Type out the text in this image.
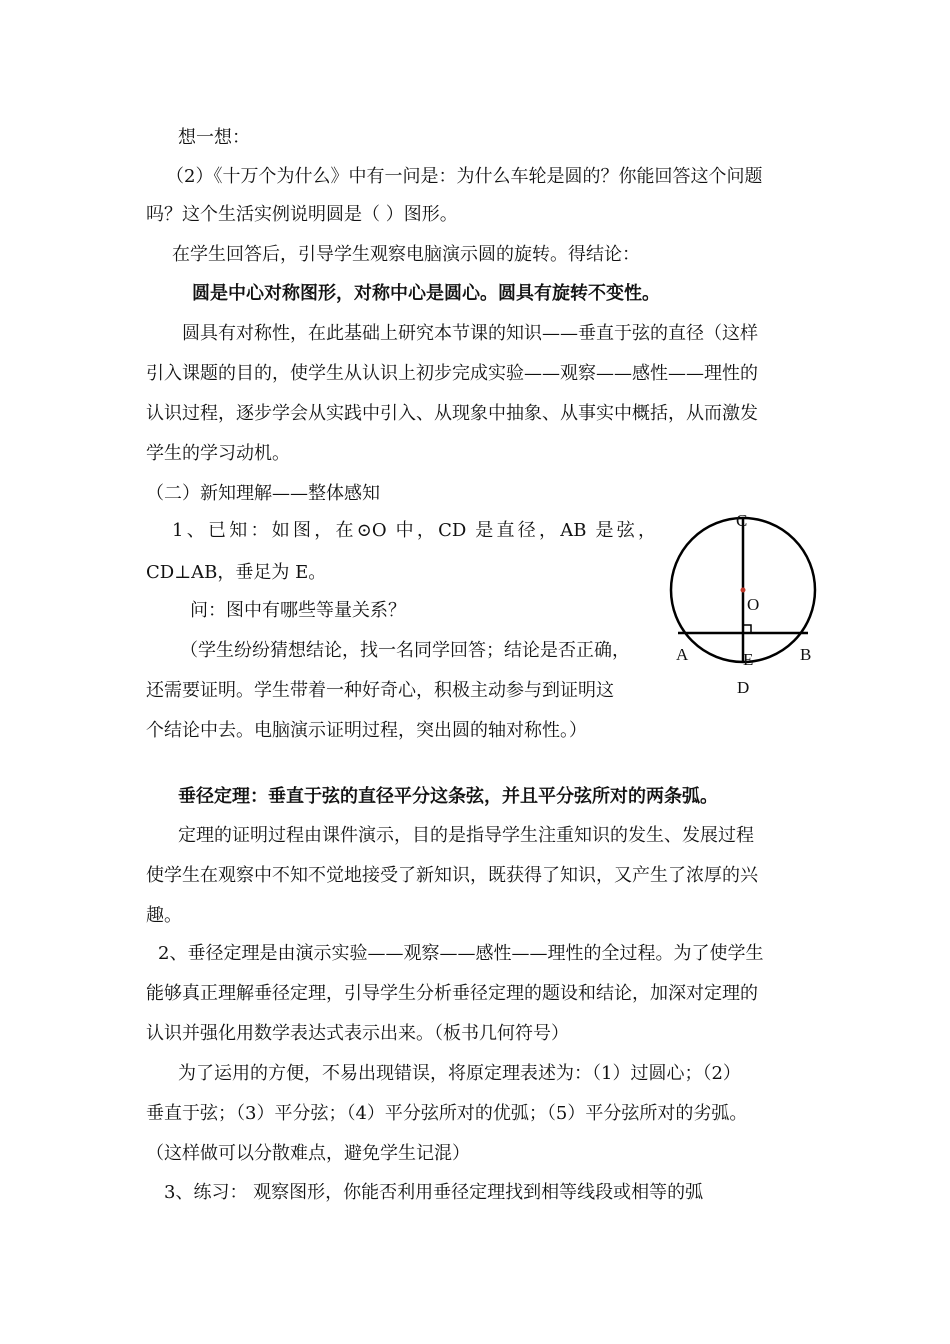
想一想：
（2）《十万个为什么》中有一问是：为什么车轮是圆的？你能回答这个问题
吗？这个生活实例说明圆是（ ）图形。
在学生回答后，引导学生观察电脑演示圆的旋转。得结论：
圆是中心对称图形，对称中心是圆心。圆具有旋转不变性。
圆具有对称性，在此基础上研究本节课的知识——垂直于弦的直径（这样
引入课题的目的，使学生从认识上初步完成实验——观察——感性——理性的
认识过程，逐步学会从实践中引入、从现象中抽象、从事实中概括，从而激发
学生的学习动机。
（二）新知理解——整体感知
1、已知：如图，在⊙O 中，CD 是直径，AB 是弦，
CD⊥AB，垂足为 E。
问：图中有哪些等量关系？
（学生纷纷猜想结论，找一名同学回答；结论是否正确，
还需要证明。学生带着一种好奇心，积极主动参与到证明这
个结论中去。电脑演示证明过程，突出圆的轴对称性。）
C
O
A	E	B
D
垂径定理：垂直于弦的直径平分这条弦，并且平分弦所对的两条弧。
定理的证明过程由课件演示，目的是指导学生注重知识的发生、发展过程
使学生在观察中不知不觉地接受了新知识，既获得了知识，又产生了浓厚的兴
趣。
2、垂径定理是由演示实验——观察——感性——理性的全过程。为了使学生
能够真正理解垂径定理，引导学生分析垂径定理的题设和结论，加深对定理的
认识并强化用数学表达式表示出来。（板书几何符号）
为了运用的方便，不易出现错误，将原定理表述为：（1）过圆心；（2）
垂直于弦；（3）平分弦；（4）平分弦所对的优弧；（5）平分弦所对的劣弧。
（这样做可以分散难点，避免学生记混）
3、练习： 观察图形，你能否利用垂径定理找到相等线段或相等的弧
